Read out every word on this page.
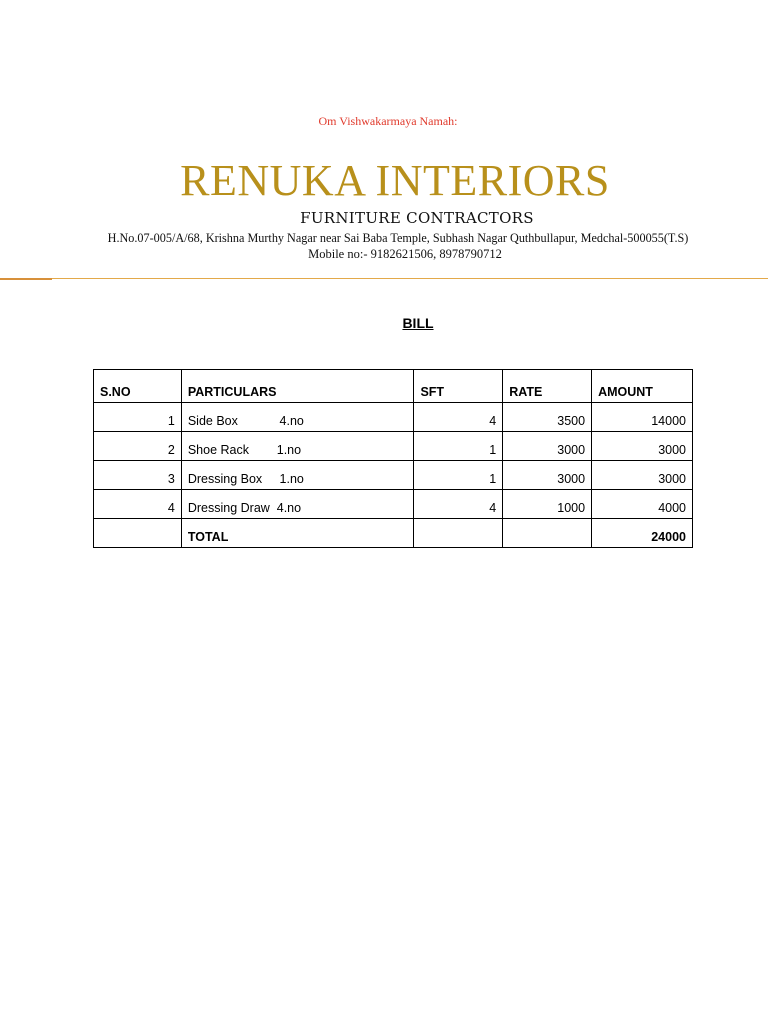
Om Vishwakarmaya Namah:
RENUKA INTERIORS
FURNITURE CONTRACTORS
H.No.07-005/A/68, Krishna Murthy Nagar near Sai Baba Temple, Subhash Nagar Quthbullapur, Medchal-500055(T.S)
Mobile no:- 9182621506, 8978790712
BILL
S.NO	PARTICULARS	SFT	RATE	AMOUNT
1	Side Box            4.no	4	3500	14000
2	Shoe Rack        1.no	1	3000	3000
3	Dressing Box     1.no	1	3000	3000
4	Dressing Draw  4.no	4	1000	4000
	TOTAL			24000
